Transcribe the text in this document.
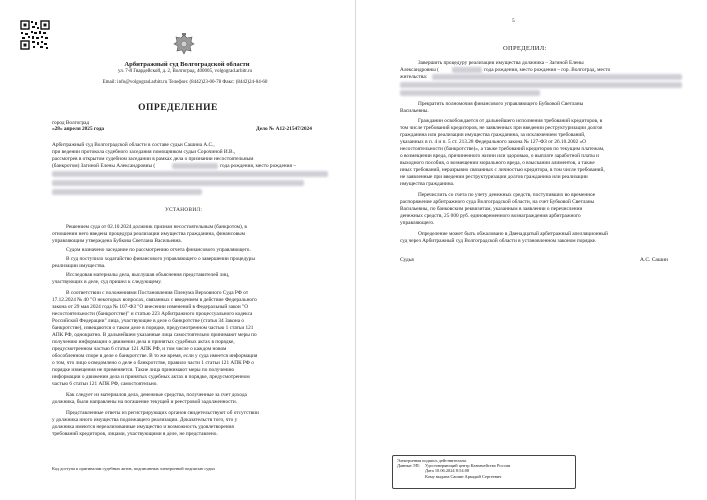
Арбитражный суд Волгоградской области
ул. 7-й Гвардейской, д. 2, Волгоград, 400005, volgograd.arbitr.ru
Email: info@volgograd.arbitr.ru Телефон: (8442)23-00-78 Факс: (8442)24-04-60
ОПРЕДЕЛЕНИЕ
город Волгоград
«28» апреля 2025 года	Дело № А12-21547/2024
Арбитражный суд Волгоградской области в составе судьи Сашина А.С.,
при ведении протокола судебного заседания помощником судьи Сорочиной И.В.,
рассмотрев в открытом судебном заседании в рамках дела о признании несостоятельным
(банкротом) Загиной Елены Александровны (	года рождения, место рождения –
УСТАНОВИЛ:
Решением суда от 02.10.2024 должник признан несостоятельным (банкротом), в
отношении него введена процедура реализации имущества гражданина, финансовым
управляющим утверждена Бубкова Светлана Васильевна.
Судом назначено заседание по рассмотрению отчета финансового управляющего.
В суд поступило ходатайство финансового управляющего о завершении процедуры
реализации имущества.
Исследовав материалы дела, выслушав объяснения представителей лиц,
участвующих в деле, суд пришел к следующему.
В соответствии с положениями Постановления Пленума Верховного Суда РФ от
17.12.2024 № 40 "О некоторых вопросах, связанных с введением в действие Федерального
закона от 29 мая 2024 года № 107-ФЗ "О внесении изменений в Федеральный закон "О
несостоятельности (банкротстве)" и статью 223 Арбитражного процессуального кодекса
Российской Федерации" лица, участвующие в деле о банкротстве (статья 34 Закона о
банкротстве), извещаются о таком деле в порядке, предусмотренном частью 1 статьи 121
АПК РФ, однократно. В дальнейшем указанные лица самостоятельно принимают меры по
получению информации о движении дела и принятых судебных актах в порядке,
предусмотренном частью 6 статьи 121 АПК РФ, и том числе о каждом новом
обособленном споре в деле о банкротстве. В то же время, если у суда имеется информация
о том, что лицо осведомлено о деле о банкротстве, правило части 1 статьи 121 АПК РФ о
порядке извещения не применяется. Такие лица принимают меры по получению
информации о движении дела и принятых судебных актах в порядке, предусмотренном
частью 6 статьи 121 АПК РФ, самостоятельно.
Как следует из материалов дела, денежные средства, полученные за счет дохода
должника, были направлены на погашение текущей и реестровой задолженности.
Представленные ответы из регистрирующих органов свидетельствуют об отсутствии
у должника иного имущества подлежащего реализации. Доказательств того, что у
должника имеются нереализованные имущество и возможность удовлетворения
требований кредиторов, лицами, участвующими в деле, не представлено.
Код доступа к оригиналам судебных актов, подписанных электронной подписью судьи
5
ОПРЕДЕЛИЛ:
Завершить процедуру реализации имущества должника – Загиной Елены
Александровны (	года рождения, место рождения – гор. Волгоград, место
жительства:
Прекратить полномочия финансового управляющего Бубковой Светланы
Васильевны.
Гражданин освобождается от дальнейшего исполнения требований кредиторов, в
том числе требований кредиторов, не заявленных при введении реструктуризации долгов
гражданина или реализации имущества гражданина, за исключением требований,
указанных в п. 4 и п. 5 ст. 213.28 Федерального закона № 127-ФЗ от 26.10.2002 «О
несостоятельности (банкротстве)», а также требований кредиторов по текущим платежам,
о возмещении вреда, причиненного жизни или здоровью, о выплате заработной платы и
выходного пособия, о возмещении морального вреда, о взыскании алиментов, а также
иных требований, неразрывно связанных с личностью кредитора, в том числе требований,
не заявленные при введении реструктуризации долгов гражданина или реализации
имущества гражданина.
Перечислить со счета по учету денежных средств, поступивших во временное
распоряжение арбитражного суда Волгоградской области, на счет Бубковой Светланы
Васильевны, по банковским реквизитам, указанным в заявлении о перечислении
денежных средств, 25 000 руб. единовременного вознаграждения арбитражного
управляющего.
Определение может быть обжаловано в Двенадцатый арбитражный апелляционный
суд через Арбитражный суд Волгоградской области в установленном законом порядке.
Судья	А.С. Сашин
Электронная подпись действительна.
Данные ЭП:	Удостоверяющий центр Казначейство России
Дата 10.06.2024 8:54:08
Кому выдана Сашин Аркадий Сергеевич
